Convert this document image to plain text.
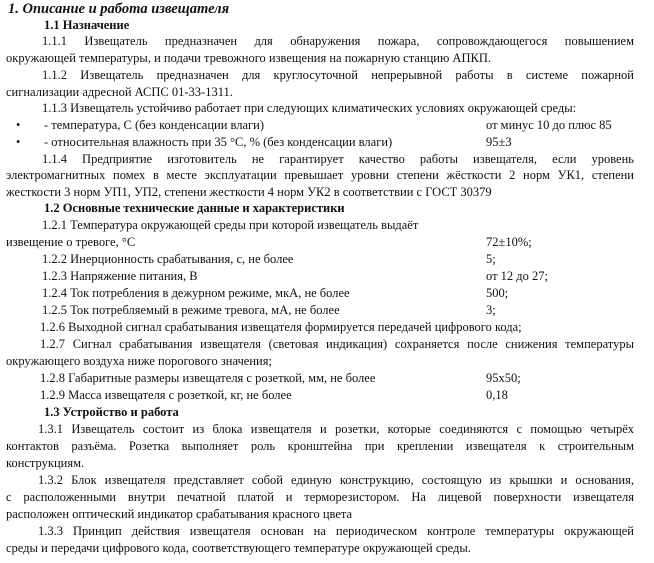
1. Описание и работа извещателя
1.1 Назначение
1.1.1 Извещатель предназначен для обнаружения пожара, сопровождающегося повышением
окружающей температуры, и подачи тревожного извещения на пожарную станцию АПКП.
1.1.2 Извещатель предназначен для круглосуточной непрерывной работы в системе пожарной
сигнализации адресной АСПС 01-33-1311.
1.1.3 Извещатель устойчиво работает при следующих климатических условиях окружающей среды:
• - температура, С (без конденсации влаги)	от минус 10 до плюс 85
• - относительная влажность при 35 °С, % (без конденсации влаги)	95±3
1.1.4 Предприятие изготовитель не гарантирует качество работы извещателя, если уровень
электромагнитных помех в месте эксплуатации превышает уровни степени жёсткости 2 норм УК1, степени
жесткости 3 норм УП1, УП2, степени жесткости 4 норм УК2 в соответствии с ГОСТ 30379
1.2 Основные технические данные и характеристики
1.2.1 Температура окружающей среды при которой извещатель выдаёт
извещение о тревоге, °С	72±10%;
1.2.2 Инерционность срабатывания, с, не более	5;
1.2.3 Напряжение питания, В	от 12 до 27;
1.2.4 Ток потребления в дежурном режиме, мкА, не более	500;
1.2.5 Ток потребляемый в режиме тревога, мА, не более	3;
1.2.6 Выходной сигнал срабатывания извещателя формируется передачей цифрового кода;
1.2.7 Сигнал срабатывания извещателя (световая индикация) сохраняется после снижения температуры
окружающего воздуха ниже порогового значения;
1.2.8 Габаритные размеры извещателя с розеткой, мм, не более	95х50;
1.2.9 Масса извещателя с розеткой, кг, не более	0,18
1.3 Устройство и работа
1.3.1 Извещатель состоит из блока извещателя и розетки, которые соединяются с помощью четырёх
контактов разъёма. Розетка выполняет роль кронштейна при креплении извещателя к строительным
конструкциям.
1.3.2 Блок извещателя представляет собой единую конструкцию, состоящую из крышки и основания,
с расположенными внутри печатной платой и терморезистором. На лицевой поверхности извещателя
расположен оптический индикатор срабатывания красного цвета
1.3.3 Принцип действия извещателя основан на периодическом контроле температуры окружающей
среды и передачи цифрового кода, соответствующего температуре окружающей среды.
